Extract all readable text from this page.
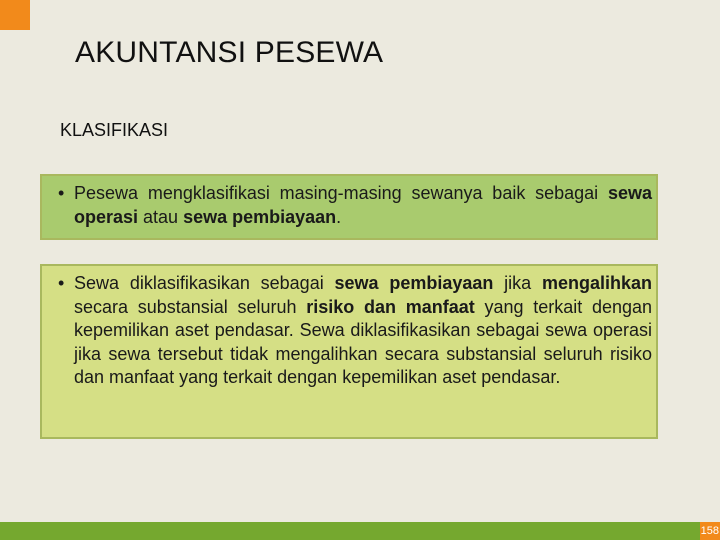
AKUNTANSI PESEWA
KLASIFIKASI
• Pesewa mengklasifikasi masing-masing sewanya baik sebagai sewa operasi atau sewa pembiayaan.
• Sewa diklasifikasikan sebagai sewa pembiayaan jika mengalihkan secara substansial seluruh risiko dan manfaat yang terkait dengan kepemilikan aset pendasar. Sewa diklasifikasikan sebagai sewa operasi jika sewa tersebut tidak mengalihkan secara substansial seluruh risiko dan manfaat yang terkait dengan kepemilikan aset pendasar.
158
